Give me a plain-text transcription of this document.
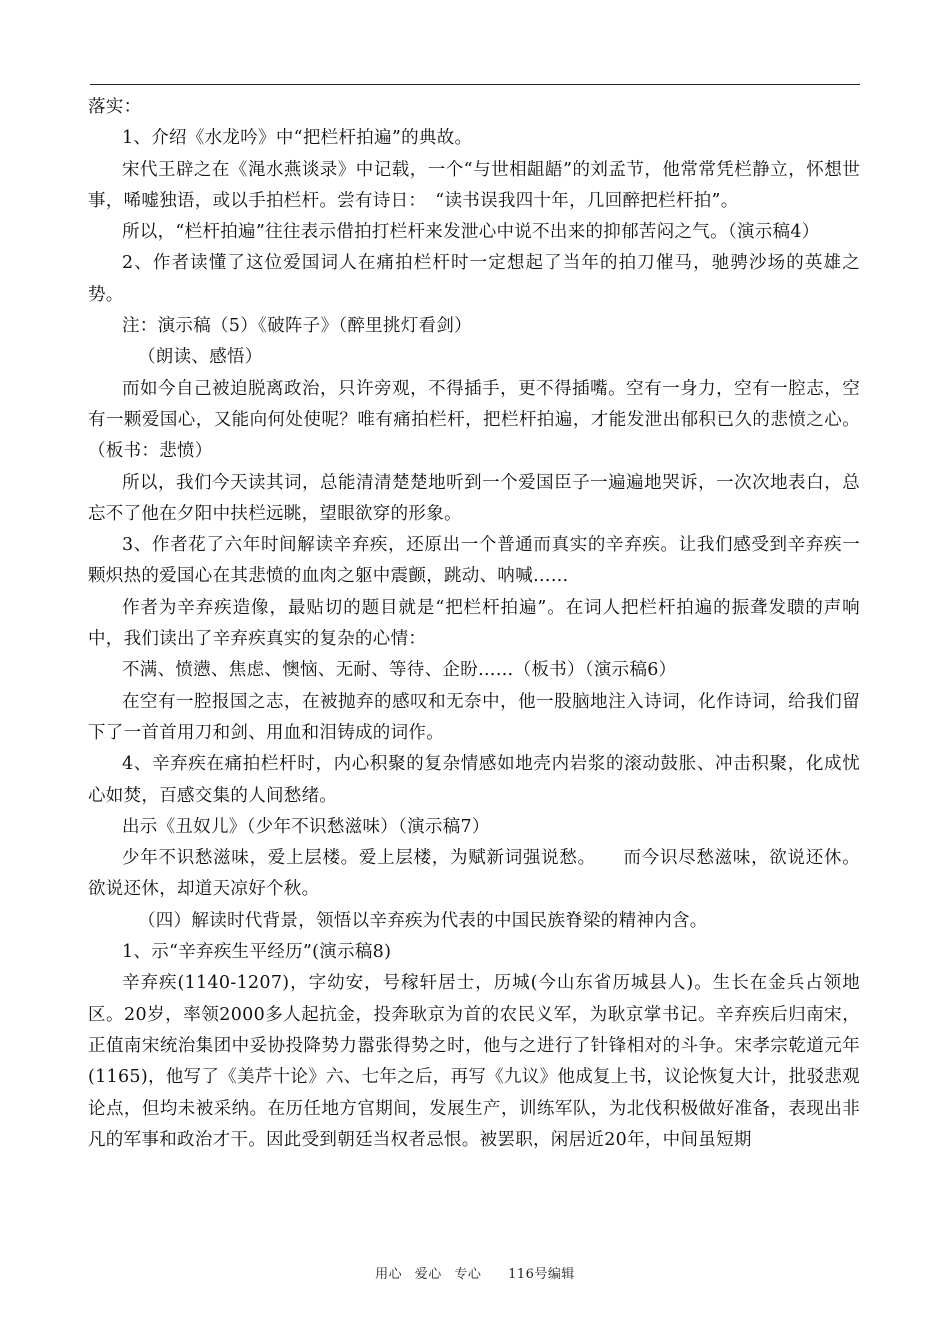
落实：

1、介绍《水龙吟》中“把栏杆拍遍”的典故。

宋代王辟之在《渑水燕谈录》中记载，一个“与世相龃龉”的刘孟节，他常常凭栏静立，怀想世事，唏嘘独语，或以手拍栏杆。尝有诗日：　“读书误我四十年，几回醉把栏杆拍”。

所以，“栏杆拍遍”往往表示借拍打栏杆来发泄心中说不出来的抑郁苦闷之气。（演示稿4）

2、作者读懂了这位爱国词人在痛拍栏杆时一定想起了当年的拍刀催马，驰骋沙场的英雄之势。

注：演示稿（5）《破阵子》（醉里挑灯看剑）

（朗读、感悟）

而如今自己被迫脱离政治，只许旁观，不得插手，更不得插嘴。空有一身力，空有一腔志，空有一颗爱国心，又能向何处使呢？唯有痛拍栏杆，把栏杆拍遍，才能发泄出郁积已久的悲愤之心。（板书：悲愤）

所以，我们今天读其词，总能清清楚楚地听到一个爱国臣子一遍遍地哭诉，一次次地表白，总忘不了他在夕阳中扶栏远眺，望眼欲穿的形象。

3、作者花了六年时间解读辛弃疾，还原出一个普通而真实的辛弃疾。让我们感受到辛弃疾一颗炽热的爱国心在其悲愤的血肉之躯中震颤，跳动、呐喊……

作者为辛弃疾造像，最贴切的题目就是“把栏杆拍遍”。在词人把栏杆拍遍的振聋发聩的声响中，我们读出了辛弃疾真实的复杂的心情：

不满、愤懑、焦虑、懊恼、无耐、等待、企盼……（板书）（演示稿6）

在空有一腔报国之志，在被抛弃的感叹和无奈中，他一股脑地注入诗词，化作诗词，给我们留下了一首首用刀和剑、用血和泪铸成的词作。

4、辛弃疾在痛拍栏杆时，内心积聚的复杂情感如地壳内岩浆的滚动鼓胀、冲击积聚，化成忧心如焚，百感交集的人间愁绪。

出示《丑奴儿》（少年不识愁滋味）（演示稿7）

少年不识愁滋味，爱上层楼。爱上层楼，为赋新词强说愁。　　而今识尽愁滋味，欲说还休。欲说还休，却道天凉好个秋。

（四）解读时代背景，领悟以辛弃疾为代表的中国民族脊梁的精神内含。

1、示“辛弃疾生平经历”(演示稿8)

辛弃疾(1140-1207)，字幼安，号稼轩居士，历城(今山东省历城县人)。生长在金兵占领地区。20岁，率领2000多人起抗金，投奔耿京为首的农民义军，为耿京掌书记。辛弃疾后归南宋，正值南宋统治集团中妥协投降势力嚣张得势之时，他与之进行了针锋相对的斗争。宋孝宗乾道元年(1165)，他写了《美芹十论》六、七年之后，再写《九议》他成复上书，议论恢复大计，批驳悲观论点，但均未被采纳。在历任地方官期间，发展生产，训练军队，为北伐积极做好准备，表现出非凡的军事和政治才干。因此受到朝廷当权者忌恨。被罢职，闲居近20年，中间虽短期

用心 爱心 专心 116号编辑
